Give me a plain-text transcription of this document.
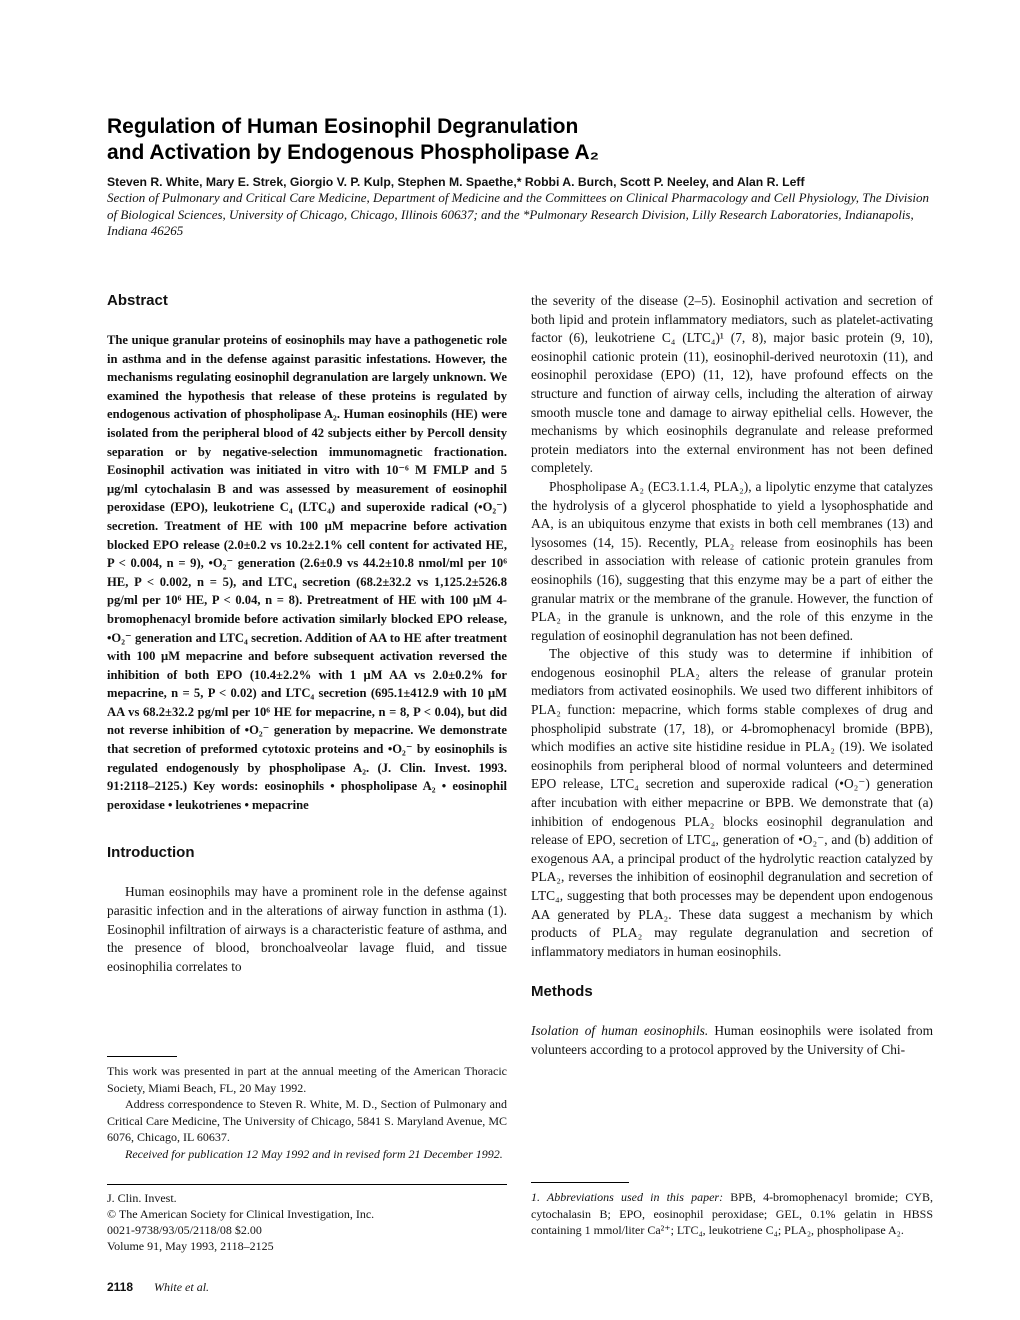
Regulation of Human Eosinophil Degranulation
and Activation by Endogenous Phospholipase A₂
Steven R. White, Mary E. Strek, Giorgio V. P. Kulp, Stephen M. Spaethe,* Robbi A. Burch, Scott P. Neeley, and Alan R. Leff
Section of Pulmonary and Critical Care Medicine, Department of Medicine and the Committees on Clinical Pharmacology and Cell Physiology, The Division of Biological Sciences, University of Chicago, Chicago, Illinois 60637; and the *Pulmonary Research Division, Lilly Research Laboratories, Indianapolis, Indiana 46265
Abstract

The unique granular proteins of eosinophils may have a pathogenetic role in asthma and in the defense against parasitic infestations. However, the mechanisms regulating eosinophil degranulation are largely unknown. We examined the hypothesis that release of these proteins is regulated by endogenous activation of phospholipase A₂. Human eosinophils (HE) were isolated from the peripheral blood of 42 subjects either by Percoll density separation or by negative-selection immunomagnetic fractionation. Eosinophil activation was initiated in vitro with 10⁻⁶ M FMLP and 5 μg/ml cytochalasin B and was assessed by measurement of eosinophil peroxidase (EPO), leukotriene C₄ (LTC₄) and superoxide radical (•O₂⁻) secretion. Treatment of HE with 100 μM mepacrine before activation blocked EPO release (2.0±0.2 vs 10.2±2.1% cell content for activated HE, P < 0.004, n = 9), •O₂⁻ generation (2.6±0.9 vs 44.2±10.8 nmol/ml per 10⁶ HE, P < 0.002, n = 5), and LTC₄ secretion (68.2±32.2 vs 1,125.2±526.8 pg/ml per 10⁶ HE, P < 0.04, n = 8). Pretreatment of HE with 100 μM 4-bromophenacyl bromide before activation similarly blocked EPO release, •O₂⁻ generation and LTC₄ secretion. Addition of AA to HE after treatment with 100 μM mepacrine and before subsequent activation reversed the inhibition of both EPO (10.4±2.2% with 1 μM AA vs 2.0±0.2% for mepacrine, n = 5, P < 0.02) and LTC₄ secretion (695.1±412.9 with 10 μM AA vs 68.2±32.2 pg/ml per 10⁶ HE for mepacrine, n = 8, P < 0.04), but did not reverse inhibition of •O₂⁻ generation by mepacrine. We demonstrate that secretion of preformed cytotoxic proteins and •O₂⁻ by eosinophils is regulated endogenously by phospholipase A₂. (J. Clin. Invest. 1993. 91:2118–2125.) Key words: eosinophils • phospholipase A₂ • eosinophil peroxidase • leukotrienes • mepacrine

Introduction

Human eosinophils may have a prominent role in the defense against parasitic infection and in the alterations of airway function in asthma (1). Eosinophil infiltration of airways is a characteristic feature of asthma, and the presence of blood, bronchoalveolar lavage fluid, and tissue eosinophilia correlates to

This work was presented in part at the annual meeting of the American Thoracic Society, Miami Beach, FL, 20 May 1992.

Address correspondence to Steven R. White, M. D., Section of Pulmonary and Critical Care Medicine, The University of Chicago, 5841 S. Maryland Avenue, MC 6076, Chicago, IL 60637.

Received for publication 12 May 1992 and in revised form 21 December 1992.

J. Clin. Invest.
© The American Society for Clinical Investigation, Inc.
0021-9738/93/05/2118/08 $2.00
Volume 91, May 1993, 2118–2125
2118 White et al.

the severity of the disease (2–5). Eosinophil activation and secretion of both lipid and protein inflammatory mediators, such as platelet-activating factor (6), leukotriene C₄ (LTC₄)¹ (7, 8), major basic protein (9, 10), eosinophil cationic protein (11), eosinophil-derived neurotoxin (11), and eosinophil peroxidase (EPO) (11, 12), have profound effects on the structure and function of airway cells, including the alteration of airway smooth muscle tone and damage to airway epithelial cells. However, the mechanisms by which eosinophils degranulate and release preformed protein mediators into the external environment has not been defined completely.

Phospholipase A₂ (EC3.1.1.4, PLA₂), a lipolytic enzyme that catalyzes the hydrolysis of a glycerol phosphatide to yield a lysophosphatide and AA, is an ubiquitous enzyme that exists in both cell membranes (13) and lysosomes (14, 15). Recently, PLA₂ release from eosinophils has been described in association with release of cationic protein granules from eosinophils (16), suggesting that this enzyme may be a part of either the granular matrix or the membrane of the granule. However, the function of PLA₂ in the granule is unknown, and the role of this enzyme in the regulation of eosinophil degranulation has not been defined.

The objective of this study was to determine if inhibition of endogenous eosinophil PLA₂ alters the release of granular protein mediators from activated eosinophils. We used two different inhibitors of PLA₂ function: mepacrine, which forms stable complexes of drug and phospholipid substrate (17, 18), or 4-bromophenacyl bromide (BPB), which modifies an active site histidine residue in PLA₂ (19). We isolated eosinophils from peripheral blood of normal volunteers and determined EPO release, LTC₄ secretion and superoxide radical (•O₂⁻) generation after incubation with either mepacrine or BPB. We demonstrate that (a) inhibition of endogenous PLA₂ blocks eosinophil degranulation and release of EPO, secretion of LTC₄, generation of •O₂⁻, and (b) addition of exogenous AA, a principal product of the hydrolytic reaction catalyzed by PLA₂, reverses the inhibition of eosinophil degranulation and secretion of LTC₄, suggesting that both processes may be dependent upon endogenous AA generated by PLA₂. These data suggest a mechanism by which products of PLA₂ may regulate degranulation and secretion of inflammatory mediators in human eosinophils.

Methods

Isolation of human eosinophils. Human eosinophils were isolated from volunteers according to a protocol approved by the University of Chi-

1. Abbreviations used in this paper: BPB, 4-bromophenacyl bromide; CYB, cytochalasin B; EPO, eosinophil peroxidase; GEL, 0.1% gelatin in HBSS containing 1 mmol/liter Ca²⁺; LTC₄, leukotriene C₄; PLA₂, phospholipase A₂.
